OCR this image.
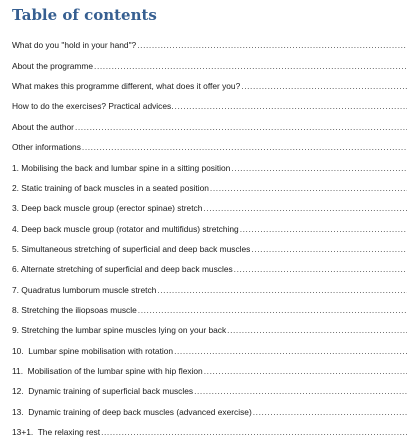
Table of contents
What do you "hold in your hand"?
.....
About the programme
.....
What makes this programme different, what does it offer you?
.....
How to do the exercises? Practical advices.
.....
About the author
.....
Other informations
.....
1. Mobilising the back and lumbar spine in a sitting position
.....
2. Static training of back muscles in a seated position
.....
3. Deep back muscle group (erector spinae) stretch
.....
4. Deep back muscle group (rotator and multifidus) stretching
.....
5. Simultaneous stretching of superficial and deep back muscles
.....
6. Alternate stretching of superficial and deep back muscles
.....
7. Quadratus lumborum muscle stretch
.....
8. Stretching the iliopsoas muscle
.....
9. Stretching the lumbar spine muscles lying on your back
.....
10.  Lumbar spine mobilisation with rotation
.....
11.  Mobilisation of the lumbar spine with hip flexion
.....
12.  Dynamic training of superficial back muscles
.....
13.  Dynamic training of deep back muscles (advanced exercise)
.....
13+1.  The relaxing rest
.....
